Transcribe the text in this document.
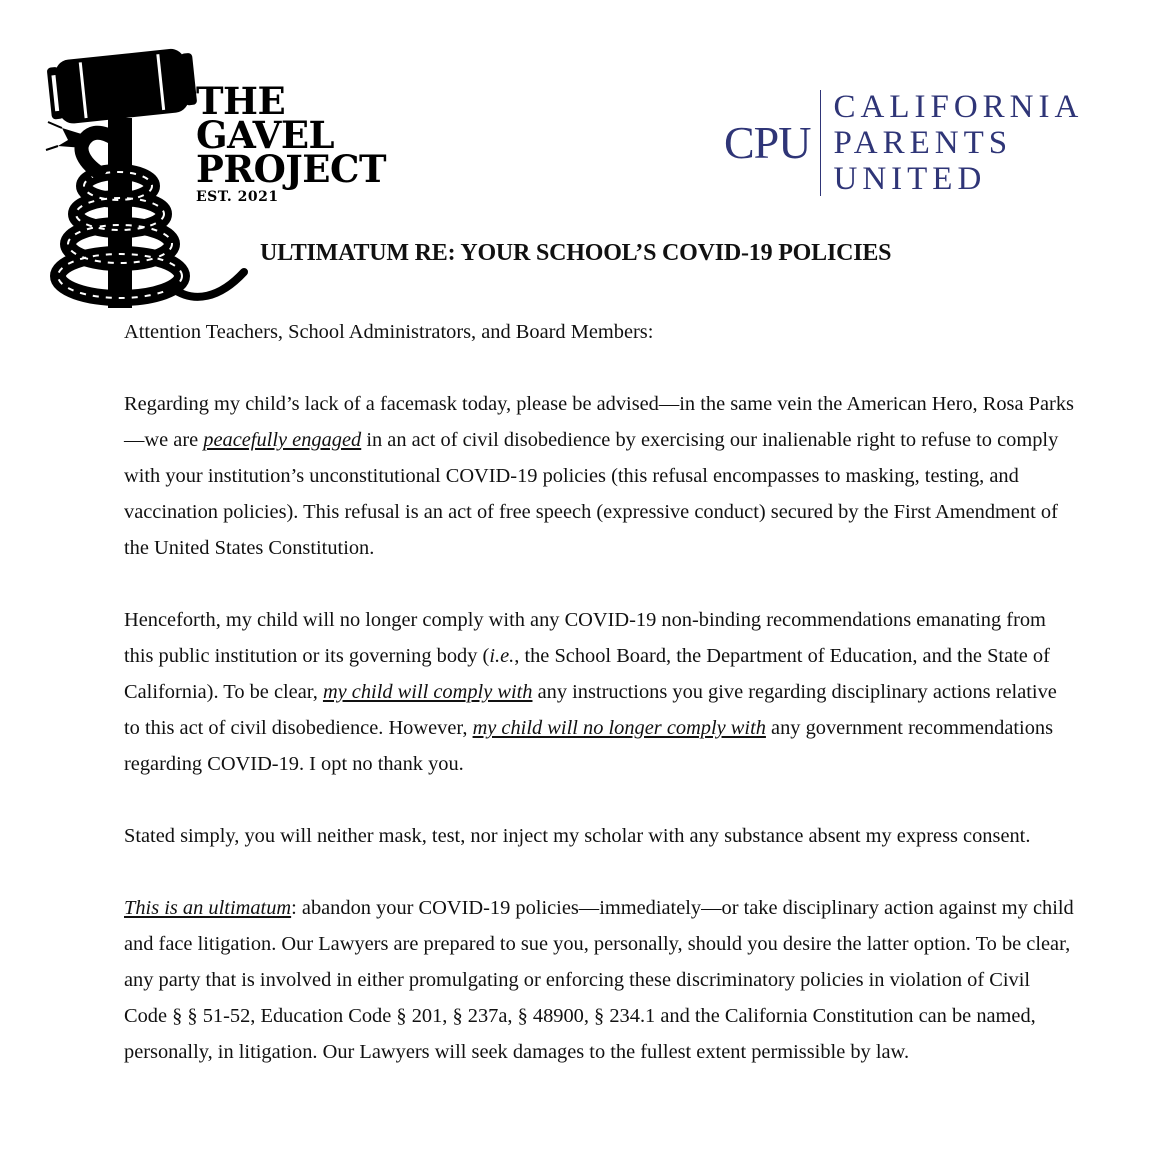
THE
GAVEL
PROJECT
EST. 2021
CPU
CALIFORNIA
PARENTS
UNITED
ULTIMATUM RE: YOUR SCHOOL’S COVID-19 POLICIES

Attention Teachers, School Administrators, and Board Members:

Regarding my child’s lack of a facemask today, please be advised—in the same vein the American Hero, Rosa Parks—we are peacefully engaged in an act of civil disobedience by exercising our inalienable right to refuse to comply with your institution’s unconstitutional COVID-19 policies (this refusal encompasses to masking, testing, and vaccination policies). This refusal is an act of free speech (expressive conduct) secured by the First Amendment of the United States Constitution.

Henceforth, my child will no longer comply with any COVID-19 non-binding recommendations emanating from this public institution or its governing body (i.e., the School Board, the Department of Education, and the State of California). To be clear, my child will comply with any instructions you give regarding disciplinary actions relative to this act of civil disobedience. However, my child will no longer comply with any government recommendations regarding COVID-19. I opt no thank you.

Stated simply, you will neither mask, test, nor inject my scholar with any substance absent my express consent.

This is an ultimatum: abandon your COVID-19 policies—immediately—or take disciplinary action against my child and face litigation. Our Lawyers are prepared to sue you, personally, should you desire the latter option. To be clear, any party that is involved in either promulgating or enforcing these discriminatory policies in violation of Civil Code § § 51-52, Education Code § 201, § 237a, § 48900, § 234.1 and the California Constitution can be named, personally, in litigation. Our Lawyers will seek damages to the fullest extent permissible by law.
